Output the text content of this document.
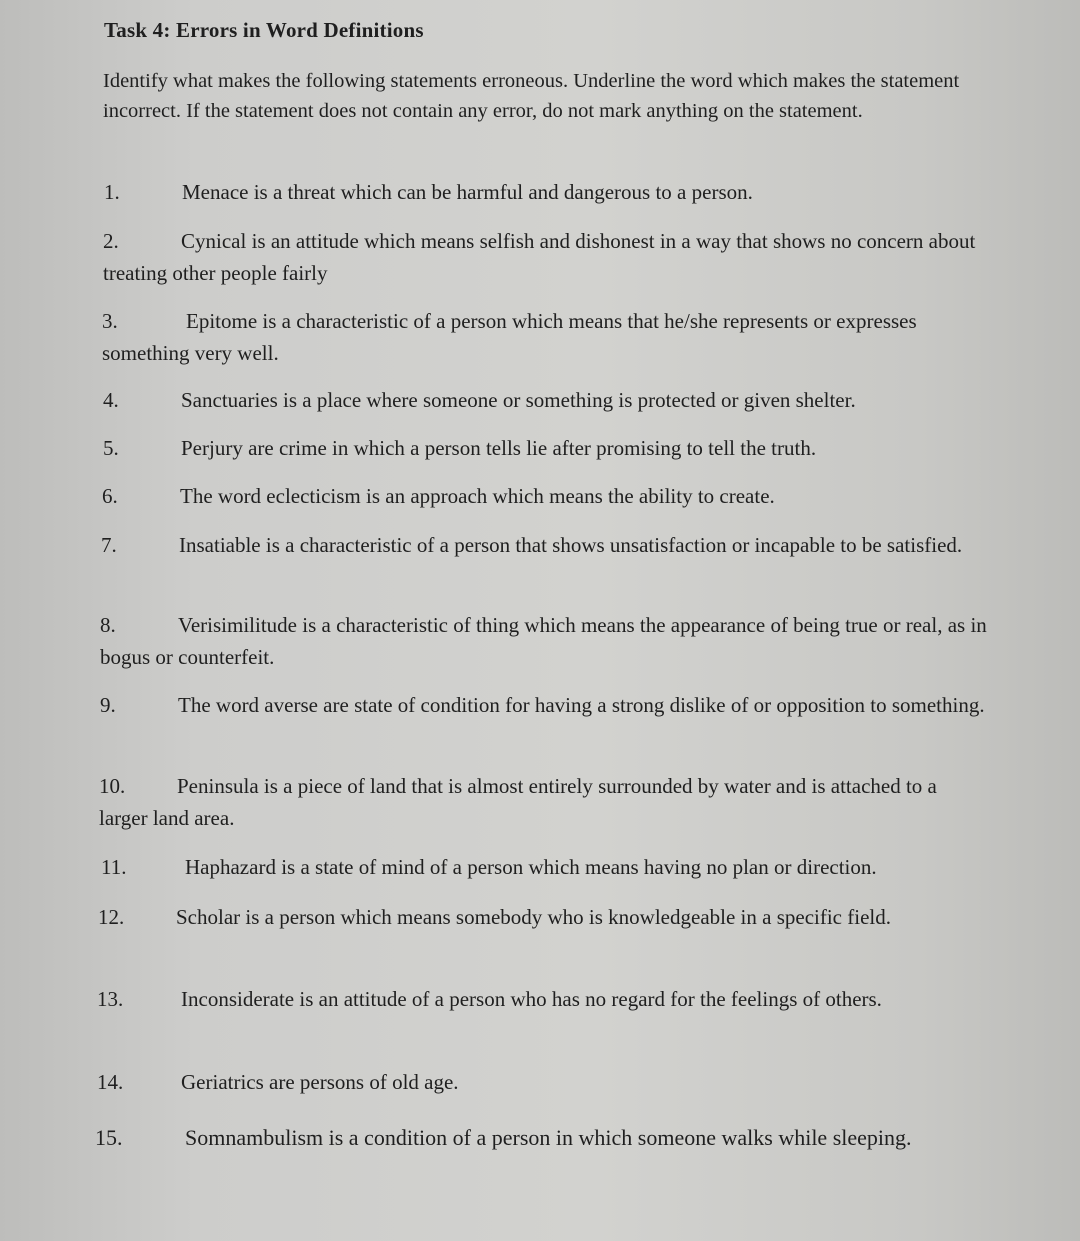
Task 4: Errors in Word Definitions
Identify what makes the following statements erroneous. Underline the word which makes the statement incorrect. If the statement does not contain any error, do not mark anything on the statement.
1.	Menace is a threat which can be harmful and dangerous to a person.
2.	Cynical is an attitude which means selfish and dishonest in a way that shows no concern about treating other people fairly
3.	Epitome is a characteristic of a person which means that he/she represents or expresses something very well.
4.	Sanctuaries is a place where someone or something is protected or given shelter.
5.	Perjury are crime in which a person tells lie after promising to tell the truth.
6.	The word eclecticism is an approach which means the ability to create.
7.	Insatiable is a characteristic of a person that shows unsatisfaction or incapable to be satisfied.
8.	Verisimilitude is a characteristic of thing which means the appearance of being true or real, as in bogus or counterfeit.
9.	The word averse are state of condition for having a strong dislike of or opposition to something.
10. Peninsula is a piece of land that is almost entirely surrounded by water and is attached to a larger land area.
11.	Haphazard is a state of mind of a person which means having no plan or direction.
12. Scholar is a person which means somebody who is knowledgeable in a specific field.
13.	Inconsiderate is an attitude of a person who has no regard for the feelings of others.
14.	Geriatrics are persons of old age.
15.	Somnambulism is a condition of a person in which someone walks while sleeping.
